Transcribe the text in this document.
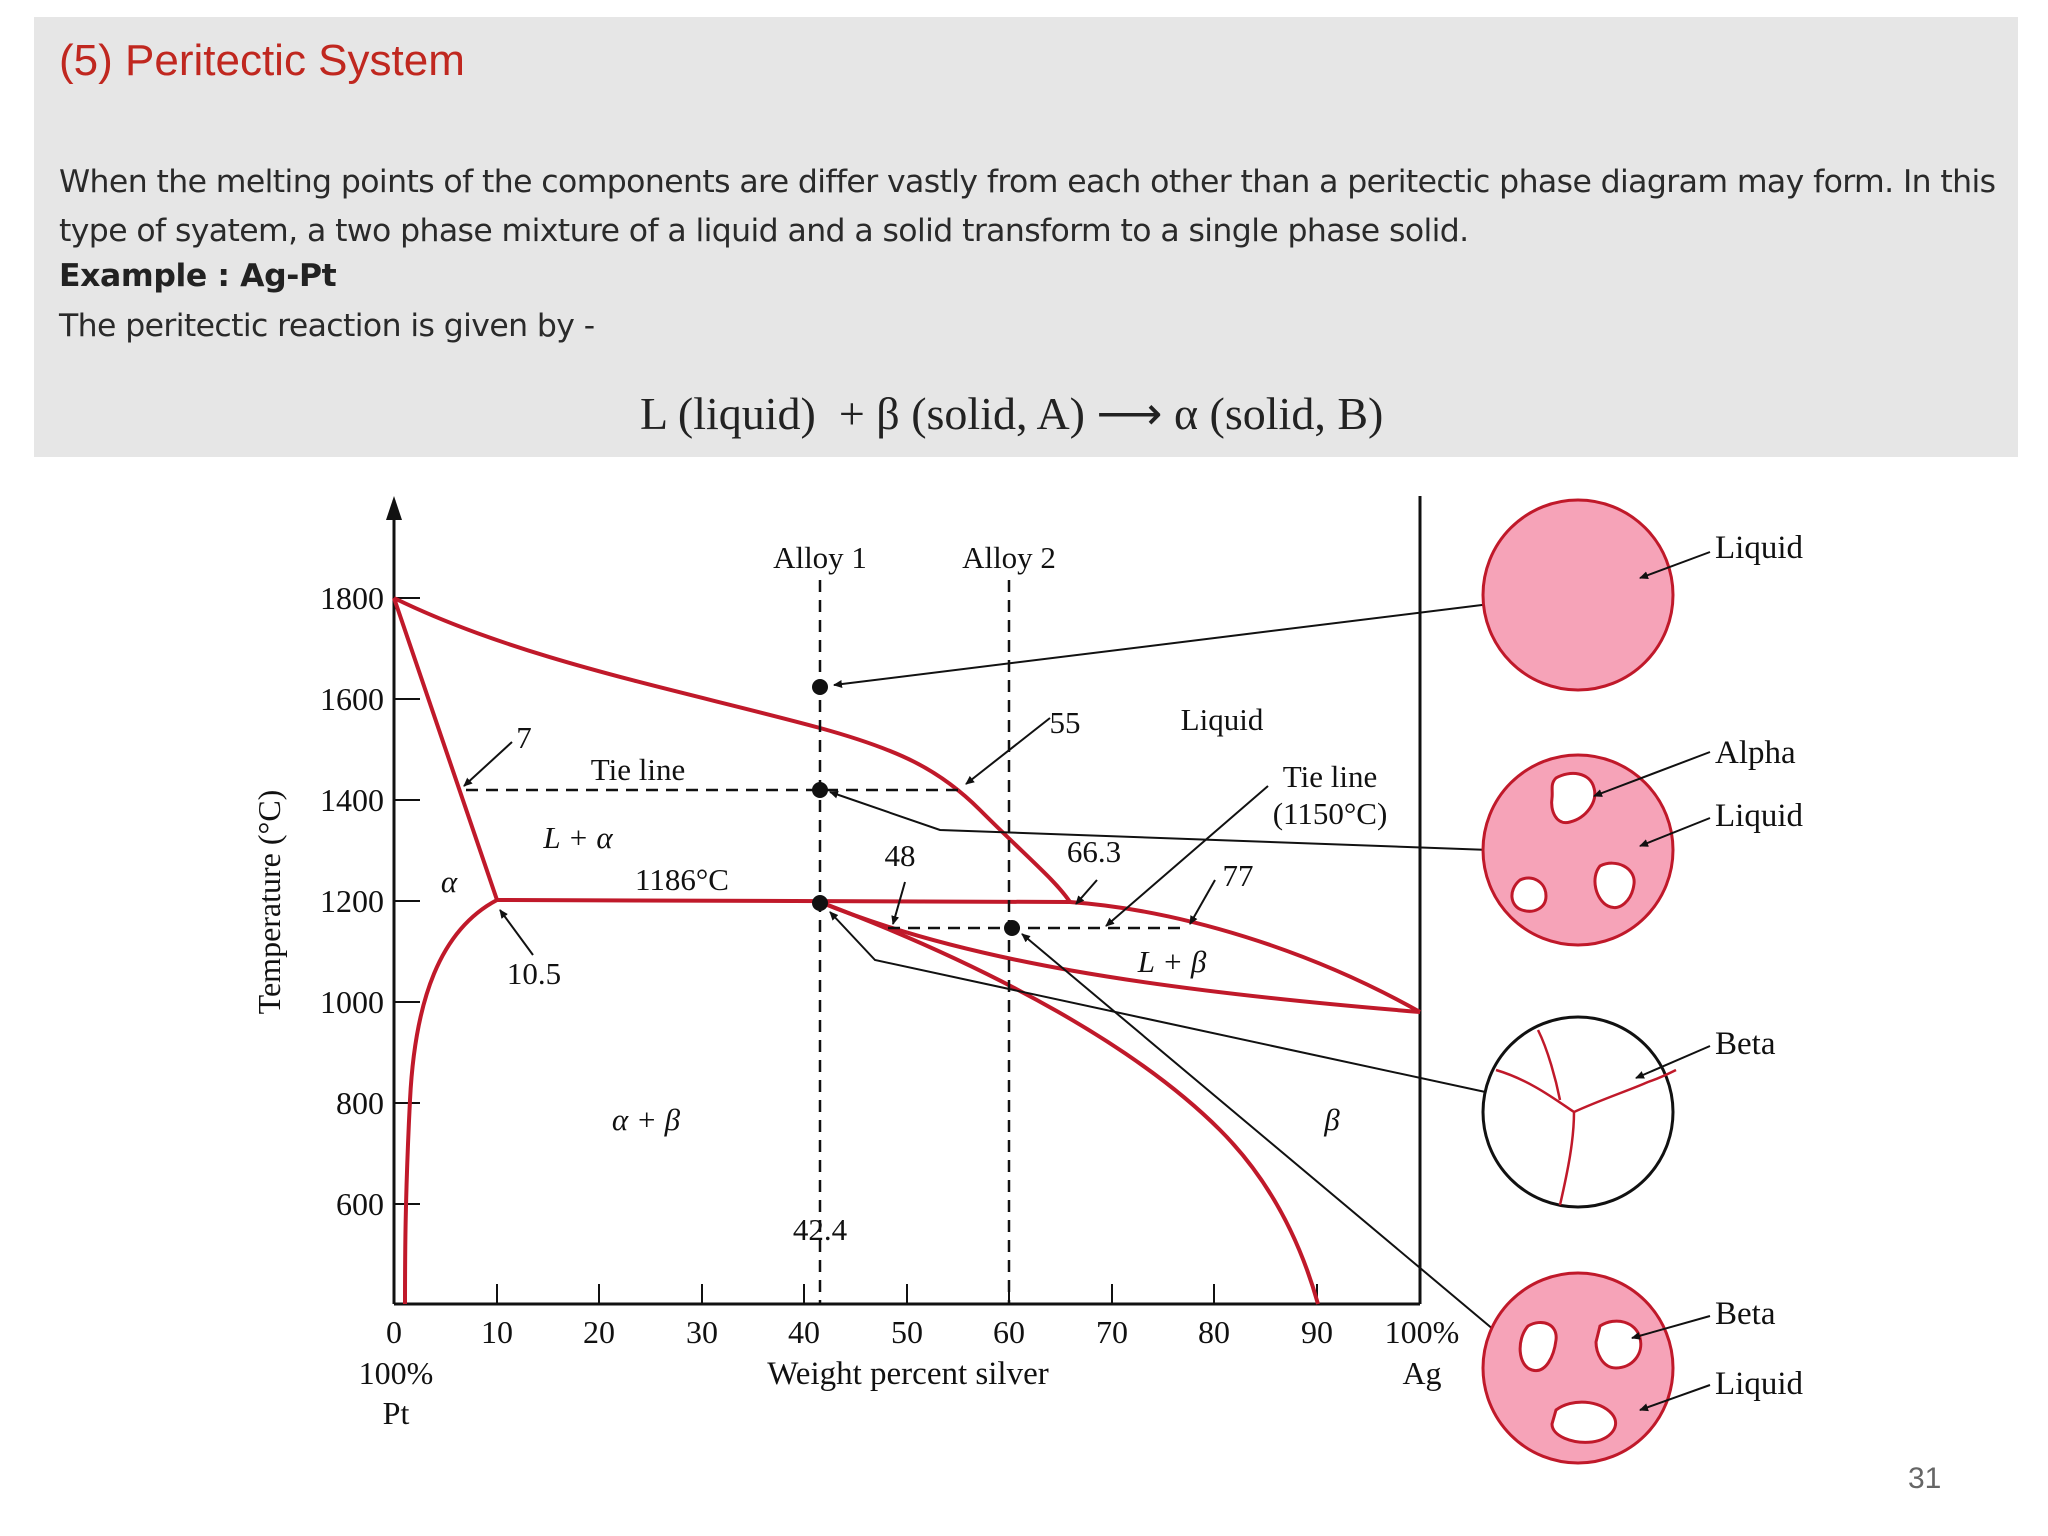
(5) Peritectic System
When the melting points of the components are differ vastly from each other than a peritectic phase diagram may form. In this type of syatem, a two phase mixture of a liquid and a solid transform to a single phase solid.
Example : Ag-Pt
The peritectic reaction is given by -
L (liquid)  + β (solid, A) ⟶ α (solid, B)
1800
1600
1400
1200
1000
800
600
Temperature (°C)
0 10 20 30 40 50 60 70 80 90 100%
100%
Pt
Ag
Weight percent silver
Alloy 1	Alloy 2
Liquid
Tie line
L + α
α	1186°C
7	55
10.5
48	66.3
77
Tie line
(1150°C)
L + β
β
α + β
42.4
Liquid
Alpha
Liquid
Beta
Beta
Liquid
31
